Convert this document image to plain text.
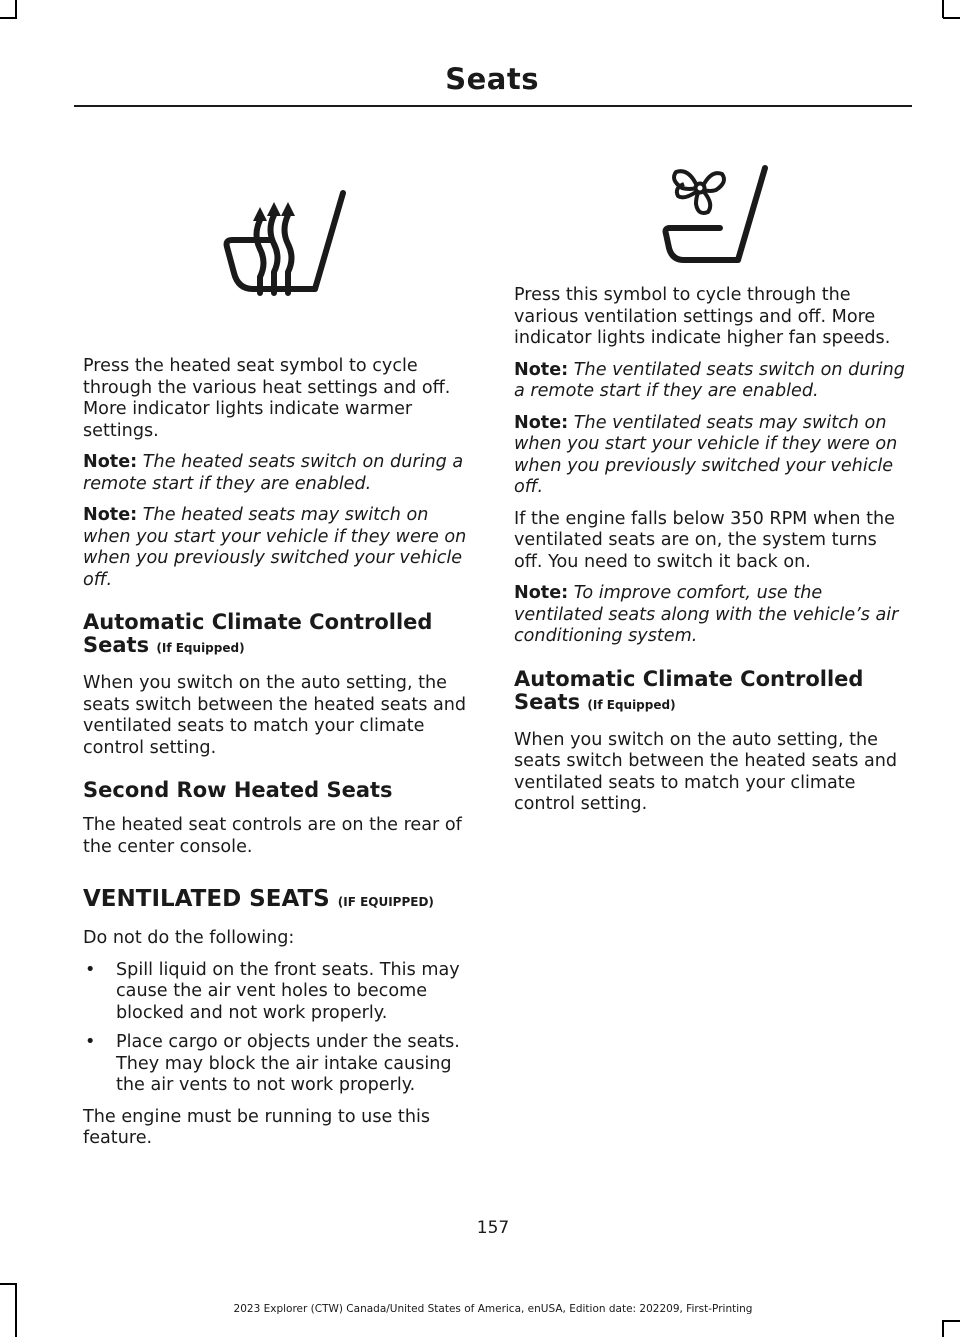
Seats

Press the heated seat symbol to cycle through the various heat settings and off. More indicator lights indicate warmer settings.

Note: The heated seats switch on during a remote start if they are enabled.

Note: The heated seats may switch on when you start your vehicle if they were on when you previously switched your vehicle off.

Automatic Climate Controlled Seats (If Equipped)

When you switch on the auto setting, the seats switch between the heated seats and ventilated seats to match your climate control setting.

Second Row Heated Seats

The heated seat controls are on the rear of the center console.

VENTILATED SEATS (IF EQUIPPED)

Do not do the following:

• Spill liquid on the front seats. This may cause the air vent holes to become blocked and not work properly.
• Place cargo or objects under the seats. They may block the air intake causing the air vents to not work properly.

The engine must be running to use this feature.

Press this symbol to cycle through the various ventilation settings and off. More indicator lights indicate higher fan speeds.

Note: The ventilated seats switch on during a remote start if they are enabled.

Note: The ventilated seats may switch on when you start your vehicle if they were on when you previously switched your vehicle off.

If the engine falls below 350 RPM when the ventilated seats are on, the system turns off. You need to switch it back on.

Note: To improve comfort, use the ventilated seats along with the vehicle’s air conditioning system.

Automatic Climate Controlled Seats (If Equipped)

When you switch on the auto setting, the seats switch between the heated seats and ventilated seats to match your climate control setting.

157
2023 Explorer (CTW) Canada/United States of America, enUSA, Edition date: 202209, First-Printing
